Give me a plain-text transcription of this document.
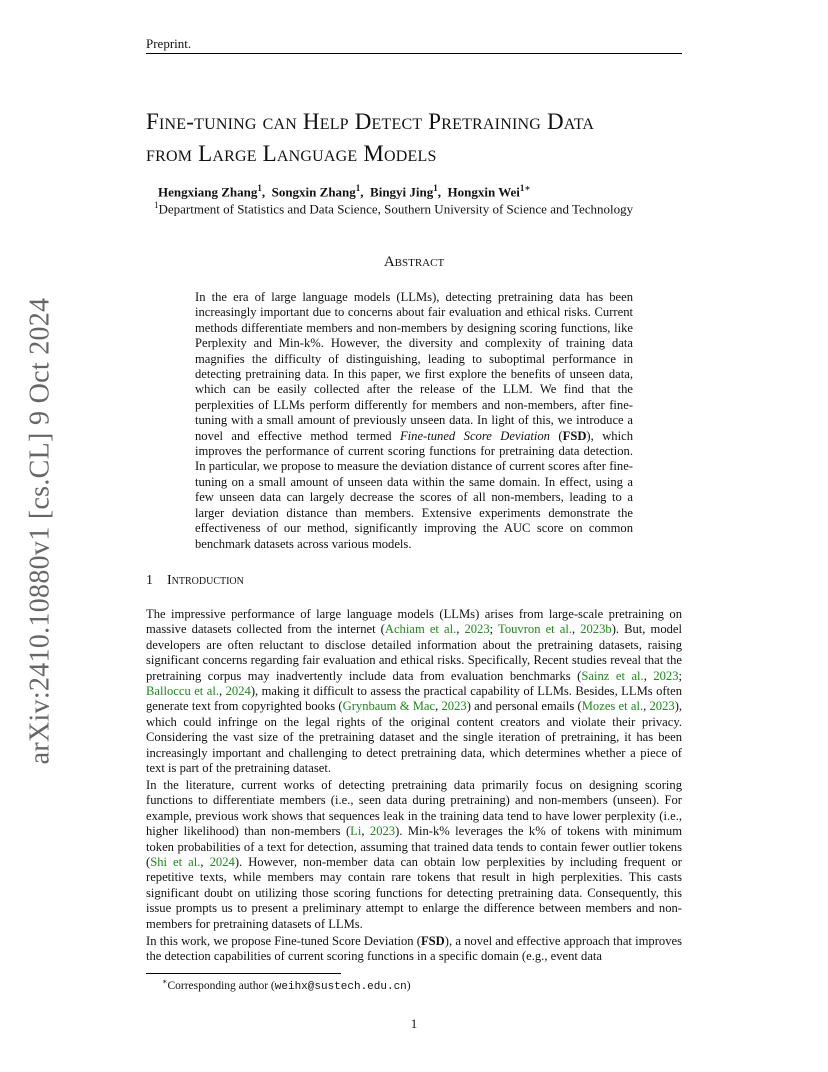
Preprint.
arXiv:2410.10880v1 [cs.CL] 9 Oct 2024
Fine-tuning can Help Detect Pretraining Data
from Large Language Models
Hengxiang Zhang$^1$,  Songxin Zhang$^1$,  Bingyi Jing$^1$,  Hongxin Wei$^{1∗}$
$^1$Department of Statistics and Data Science, Southern University of Science and Technology
Abstract
In the era of large language models (LLMs), detecting pretraining data has been increasingly important due to concerns about fair evaluation and ethical risks. Current methods differentiate members and non-members by designing scoring functions, like Perplexity and Min-k%. However, the diversity and complexity of training data magnifies the difficulty of distinguishing, leading to suboptimal performance in detecting pretraining data. In this paper, we first explore the benefits of unseen data, which can be easily collected after the release of the LLM. We find that the perplexities of LLMs perform differently for members and non-members, after fine-tuning with a small amount of previously unseen data. In light of this, we introduce a novel and effective method termed Fine-tuned Score Deviation (FSD), which improves the performance of current scoring functions for pretraining data detection. In particular, we propose to measure the deviation distance of current scores after fine-tuning on a small amount of unseen data within the same domain. In effect, using a few unseen data can largely decrease the scores of all non-members, leading to a larger deviation distance than members. Extensive experiments demonstrate the effectiveness of our method, significantly improving the AUC score on common benchmark datasets across various models.
1 Introduction
The impressive performance of large language models (LLMs) arises from large-scale pretraining on massive datasets collected from the internet (Achiam et al., 2023; Touvron et al., 2023b). But, model developers are often reluctant to disclose detailed information about the pretraining datasets, raising significant concerns regarding fair evaluation and ethical risks. Specifically, Recent studies reveal that the pretraining corpus may inadvertently include data from evaluation benchmarks (Sainz et al., 2023; Balloccu et al., 2024), making it difficult to assess the practical capability of LLMs. Besides, LLMs often generate text from copyrighted books (Grynbaum & Mac, 2023) and personal emails (Mozes et al., 2023), which could infringe on the legal rights of the original content creators and violate their privacy. Considering the vast size of the pretraining dataset and the single iteration of pretraining, it has been increasingly important and challenging to detect pretraining data, which determines whether a piece of text is part of the pretraining dataset.
In the literature, current works of detecting pretraining data primarily focus on designing scoring functions to differentiate members (i.e., seen data during pretraining) and non-members (unseen). For example, previous work shows that sequences leak in the training data tend to have lower perplexity (i.e., higher likelihood) than non-members (Li, 2023). Min-k% leverages the k% of tokens with minimum token probabilities of a text for detection, assuming that trained data tends to contain fewer outlier tokens (Shi et al., 2024). However, non-member data can obtain low perplexities by including frequent or repetitive texts, while members may contain rare tokens that result in high perplexities. This casts significant doubt on utilizing those scoring functions for detecting pretraining data. Consequently, this issue prompts us to present a preliminary attempt to enlarge the difference between members and non-members for pretraining datasets of LLMs.
In this work, we propose Fine-tuned Score Deviation (FSD), a novel and effective approach that improves the detection capabilities of current scoring functions in a specific domain (e.g., event data
∗Corresponding author (weihx@sustech.edu.cn)
1
